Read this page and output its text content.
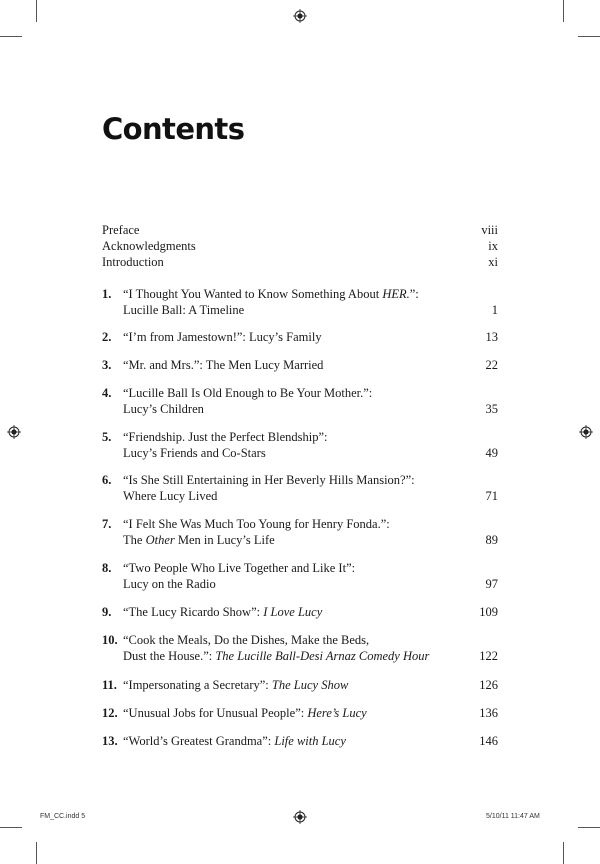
Contents
Preface	viii
Acknowledgments	ix
Introduction	xi
1. “I Thought You Wanted to Know Something About HER.”:
Lucille Ball: A Timeline	1
2. “I’m from Jamestown!”: Lucy’s Family	13
3. “Mr. and Mrs.”: The Men Lucy Married	22
4. “Lucille Ball Is Old Enough to Be Your Mother.”:
Lucy’s Children	35
5. “Friendship. Just the Perfect Blendship”:
Lucy’s Friends and Co-Stars	49
6. “Is She Still Entertaining in Her Beverly Hills Mansion?”:
Where Lucy Lived	71
7. “I Felt She Was Much Too Young for Henry Fonda.”:
The Other Men in Lucy’s Life	89
8. “Two People Who Live Together and Like It”:
Lucy on the Radio	97
9. “The Lucy Ricardo Show”: I Love Lucy	109
10. “Cook the Meals, Do the Dishes, Make the Beds,
Dust the House.”: The Lucille Ball-Desi Arnaz Comedy Hour	122
11. “Impersonating a Secretary”: The Lucy Show	126
12. “Unusual Jobs for Unusual People”: Here’s Lucy	136
13. “World’s Greatest Grandma”: Life with Lucy	146
FM_CC.indd 5	5/10/11 11:47 AM
